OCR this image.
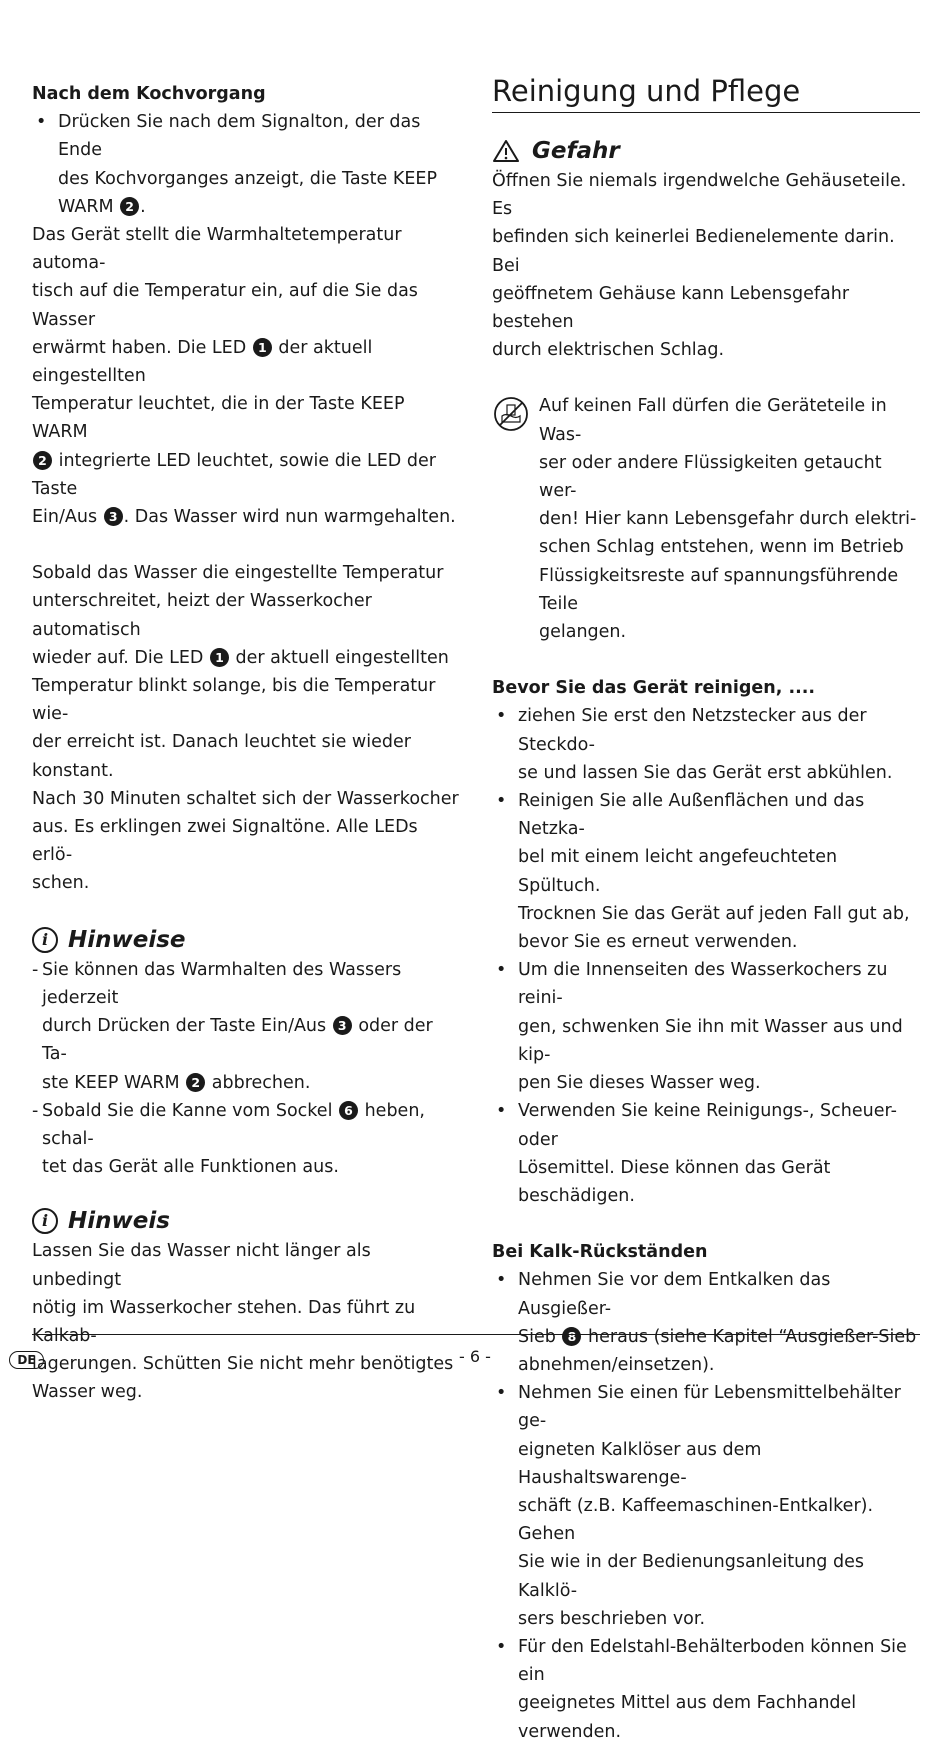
Nach dem Kochvorgang
• Drücken Sie nach dem Signalton, der das Ende
des Kochvorganges anzeigt, die Taste KEEP
WARM 2 .
Das Gerät stellt die Warmhaltetemperatur automa-
tisch auf die Temperatur ein, auf die Sie das Wasser
erwärmt haben. Die LED 1 der aktuell eingestellten
Temperatur leuchtet, die in der Taste KEEP WARM
2 integrierte LED leuchtet, sowie die LED der Taste
Ein/Aus 3 . Das Wasser wird nun warmgehalten.
Sobald das Wasser die eingestellte Temperatur
unterschreitet, heizt der Wasserkocher automatisch
wieder auf. Die LED 1 der aktuell eingestellten
Temperatur blinkt solange, bis die Temperatur wie-
der erreicht ist. Danach leuchtet sie wieder konstant.
Nach 30 Minuten schaltet sich der Wasserkocher
aus. Es erklingen zwei Signaltöne. Alle LEDs erlö-
schen.
i Hinweise
- Sie können das Warmhalten des Wassers jederzeit
durch Drücken der Taste Ein/Aus 3 oder der Ta-
ste KEEP WARM 2 abbrechen.
- Sobald Sie die Kanne vom Sockel 6 heben, schal-
tet das Gerät alle Funktionen aus.
i Hinweis
Lassen Sie das Wasser nicht länger als unbedingt
nötig im Wasserkocher stehen. Das führt zu Kalkab-
lagerungen. Schütten Sie nicht mehr benötigtes
Wasser weg.
Reinigung und Pflege
Gefahr
Öffnen Sie niemals irgendwelche Gehäuseteile. Es
befinden sich keinerlei Bedienelemente darin. Bei
geöffnetem Gehäuse kann Lebensgefahr bestehen
durch elektrischen Schlag.
Auf keinen Fall dürfen die Geräteteile in Was-
ser oder andere Flüssigkeiten getaucht wer-
den! Hier kann Lebensgefahr durch elektri-
schen Schlag entstehen, wenn im Betrieb
Flüssigkeitsreste auf spannungsführende Teile
gelangen.
Bevor Sie das Gerät reinigen, ....
• ziehen Sie erst den Netzstecker aus der Steckdo-
se und lassen Sie das Gerät erst abkühlen.
• Reinigen Sie alle Außenflächen und das Netzka-
bel mit einem leicht angefeuchteten Spültuch.
Trocknen Sie das Gerät auf jeden Fall gut ab,
bevor Sie es erneut verwenden.
• Um die Innenseiten des Wasserkochers zu reini-
gen, schwenken Sie ihn mit Wasser aus und kip-
pen Sie dieses Wasser weg.
• Verwenden Sie keine Reinigungs-, Scheuer- oder
Lösemittel. Diese können das Gerät
beschädigen.
Bei Kalk-Rückständen
• Nehmen Sie vor dem Entkalken das Ausgießer-
Sieb 8 heraus (siehe Kapitel “Ausgießer-Sieb
abnehmen/einsetzen).
• Nehmen Sie einen für Lebensmittelbehälter ge-
eigneten Kalklöser aus dem Haushaltswarenge-
schäft (z.B. Kaffeemaschinen-Entkalker). Gehen
Sie wie in der Bedienungsanleitung des Kalklö-
sers beschrieben vor.
• Für den Edelstahl-Behälterboden können Sie ein
geeignetes Mittel aus dem Fachhandel
verwenden.
DE	- 6 -
